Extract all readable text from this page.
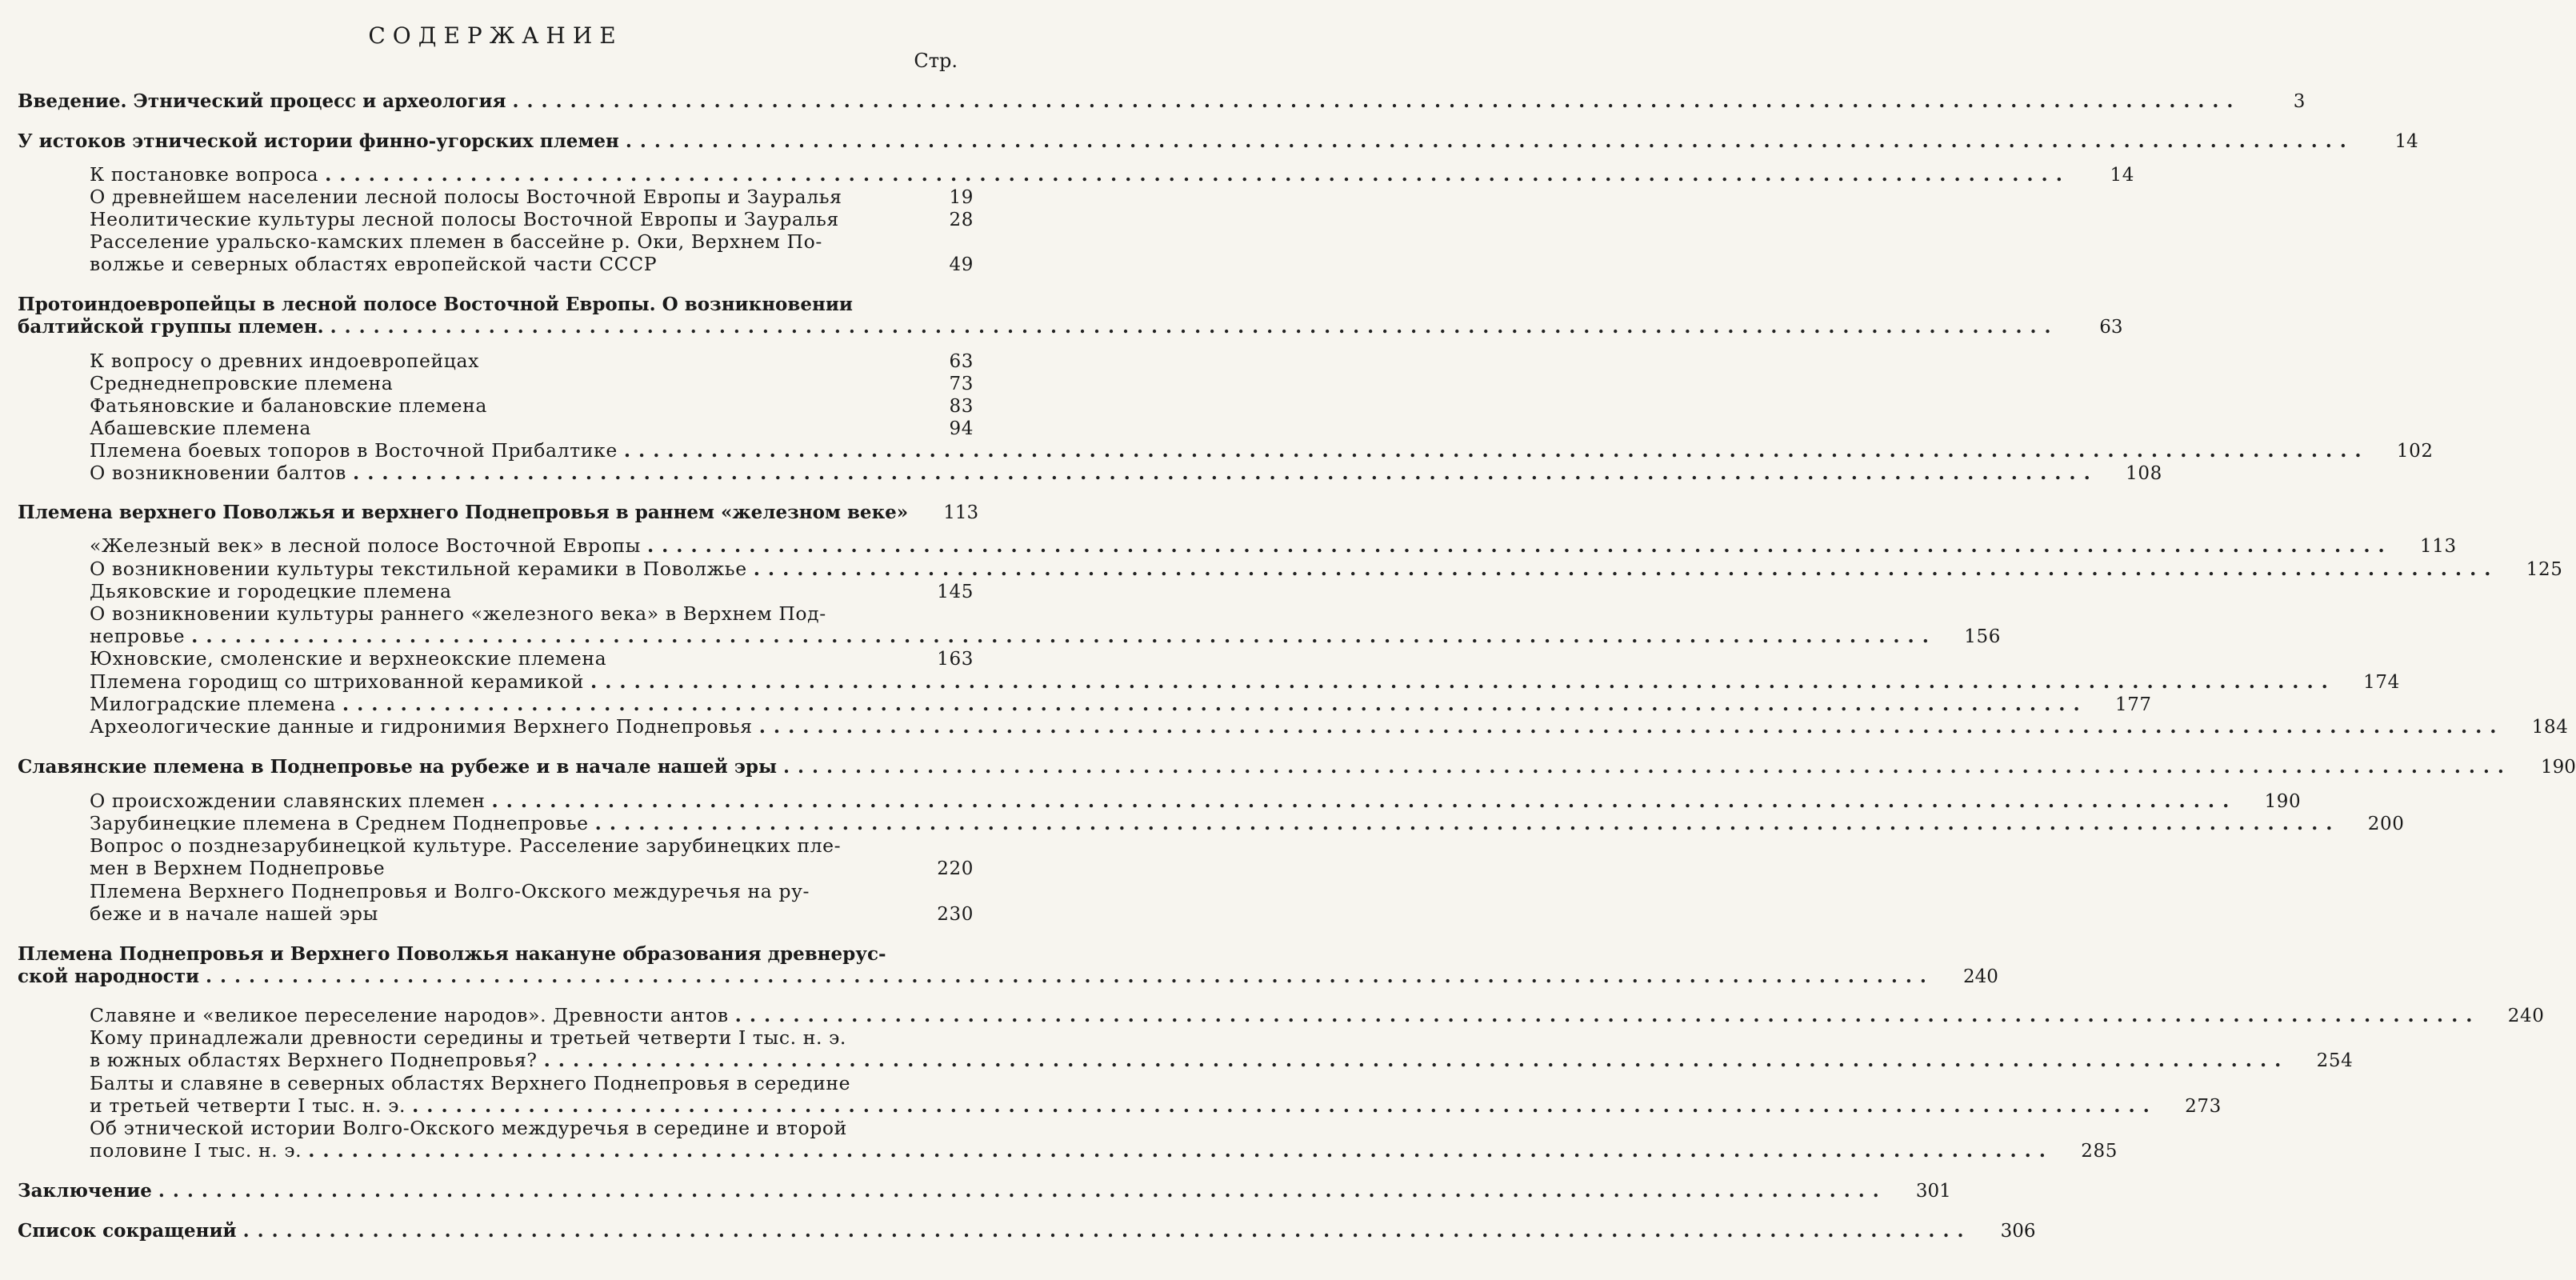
СОДЕРЖАНИЕ
Стр.
Введение. Этнический процесс и археология ........................................................................................................................	3
У истоков этнической истории финно-угорских племен ........................................................................................................................	14
К постановке вопроса ........................................................................................................................	14
О древнейшем населении лесной полосы Восточной Европы и Зауралья	19
Неолитические культуры лесной полосы Восточной Европы и Зауралья	28
Расселение уральско-камских племен в бассейне р. Оки, Верхнем По-
волжье и северных областях европейской части СССР	49
Протоиндоевропейцы в лесной полосе Восточной Европы. О возникновении
балтийской группы племен. ........................................................................................................................	63
К вопросу о древних индоевропейцах	63
Среднеднепровские племена	73
Фатьяновские и балановские племена	83
Абашевские племена	94
Племена боевых топоров в Восточной Прибалтике ........................................................................................................................	102
О возникновении балтов ........................................................................................................................	108
Племена верхнего Поволжья и верхнего Поднепровья в раннем «железном веке»	113
«Железный век» в лесной полосе Восточной Европы ........................................................................................................................	113
О возникновении культуры текстильной керамики в Поволжье ........................................................................................................................	125
Дьяковские и городецкие племена	145
О возникновении культуры раннего «железного века» в Верхнем Под-
непровье ........................................................................................................................	156
Юхновские, смоленские и верхнеокские племена	163
Племена городищ со штрихованной керамикой ........................................................................................................................	174
Милоградские племена ........................................................................................................................	177
Археологические данные и гидронимия Верхнего Поднепровья ........................................................................................................................	184
Славянские племена в Поднепровье на рубеже и в начале нашей эры ........................................................................................................................	190
О происхождении славянских племен ........................................................................................................................	190
Зарубинецкие племена в Среднем Поднепровье ........................................................................................................................	200
Вопрос о позднезарубинецкой культуре. Расселение зарубинецких пле-
мен в Верхнем Поднепровье	220
Племена Верхнего Поднепровья и Волго-Окского междуречья на ру-
беже и в начале нашей эры	230
Племена Поднепровья и Верхнего Поволжья накануне образования древнерус-
ской народности ........................................................................................................................	240
Славяне и «великое переселение народов». Древности антов ........................................................................................................................	240
Кому принадлежали древности середины и третьей четверти I тыс. н. э.
в южных областях Верхнего Поднепровья? ........................................................................................................................	254
Балты и славяне в северных областях Верхнего Поднепровья в середине
и третьей четверти I тыс. н. э. ........................................................................................................................	273
Об этнической истории Волго-Окского междуречья в середине и второй
половине I тыс. н. э. ........................................................................................................................	285
Заключение ........................................................................................................................	301
Список сокращений ........................................................................................................................	306
